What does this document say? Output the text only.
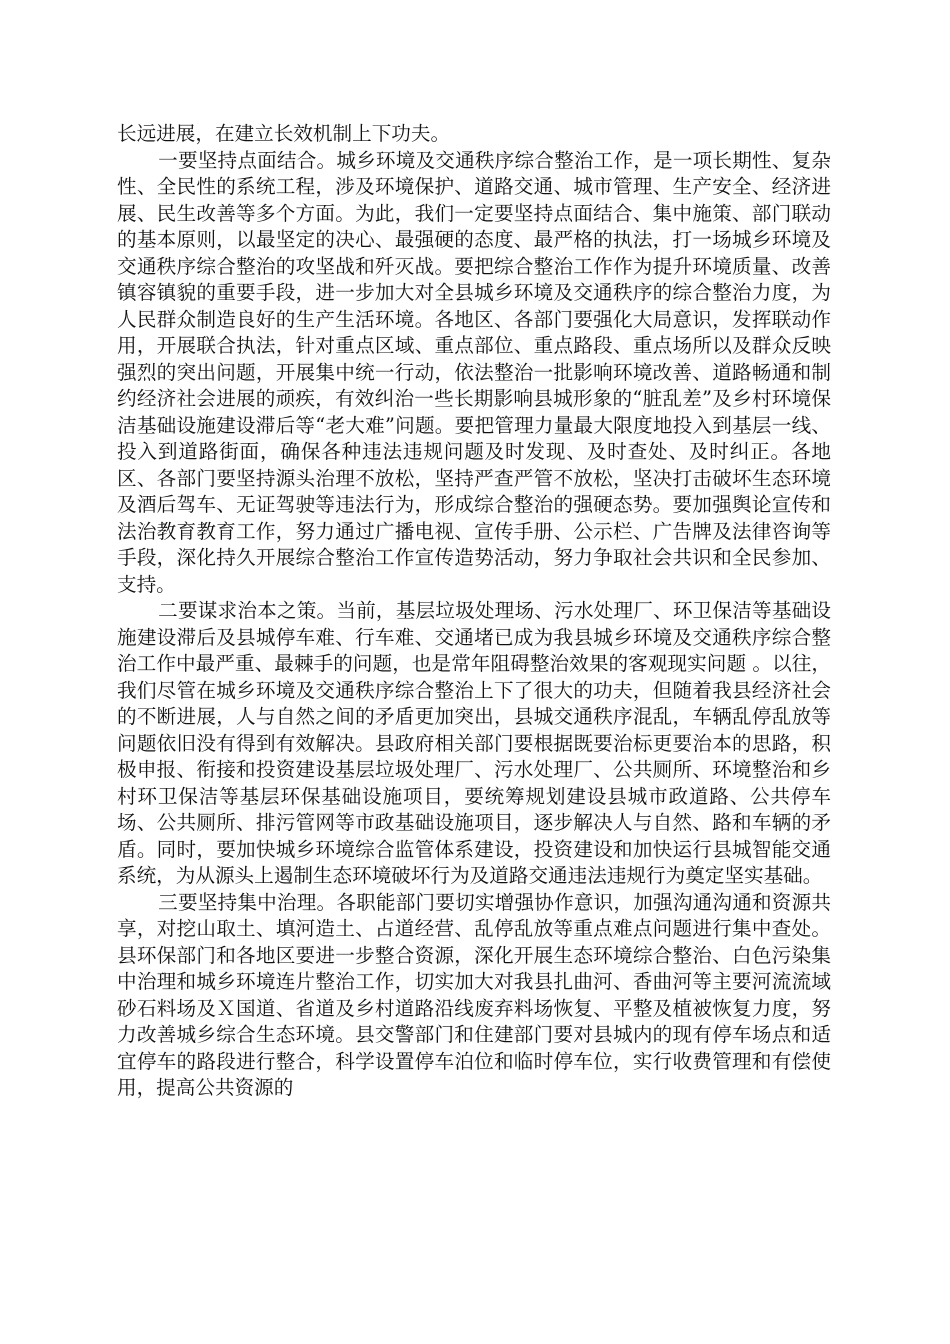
长远进展，在建立长效机制上下功夫。

一要坚持点面结合。城乡环境及交通秩序综合整治工作，是一项长期性、复杂性、全民性的系统工程，涉及环境保护、道路交通、城市管理、生产安全、经济进展、民生改善等多个方面。为此，我们一定要坚持点面结合、集中施策、部门联动的基本原则，以最坚定的决心、最强硬的态度、最严格的执法，打一场城乡环境及交通秩序综合整治的攻坚战和歼灭战。要把综合整治工作作为提升环境质量、改善镇容镇貌的重要手段，进一步加大对全县城乡环境及交通秩序的综合整治力度，为人民群众制造良好的生产生活环境。各地区、各部门要强化大局意识，发挥联动作用，开展联合执法，针对重点区域、重点部位、重点路段、重点场所以及群众反映强烈的突出问题，开展集中统一行动，依法整治一批影响环境改善、道路畅通和制约经济社会进展的顽疾，有效纠治一些长期影响县城形象的“脏乱差”及乡村环境保洁基础设施建设滞后等“老大难”问题。要把管理力量最大限度地投入到基层一线、投入到道路街面，确保各种违法违规问题及时发现、及时查处、及时纠正。各地区、各部门要坚持源头治理不放松，坚持严查严管不放松，坚决打击破坏生态环境及酒后驾车、无证驾驶等违法行为，形成综合整治的强硬态势。要加强舆论宣传和法治教育教育工作，努力通过广播电视、宣传手册、公示栏、广告牌及法律咨询等手段，深化持久开展综合整治工作宣传造势活动，努力争取社会共识和全民参加、支持。

二要谋求治本之策。当前，基层垃圾处理场、污水处理厂、环卫保洁等基础设施建设滞后及县城停车难、行车难、交通堵已成为我县城乡环境及交通秩序综合整治工作中最严重、最棘手的问题，也是常年阻碍整治效果的客观现实问题 。以往，我们尽管在城乡环境及交通秩序综合整治上下了很大的功夫，但随着我县经济社会的不断进展，人与自然之间的矛盾更加突出，县城交通秩序混乱，车辆乱停乱放等问题依旧没有得到有效解决。县政府相关部门要根据既要治标更要治本的思路，积极申报、衔接和投资建设基层垃圾处理厂、污水处理厂、公共厕所、环境整治和乡村环卫保洁等基层环保基础设施项目，要统筹规划建设县城市政道路、公共停车场、公共厕所、排污管网等市政基础设施项目，逐步解决人与自然、路和车辆的矛盾。同时，要加快城乡环境综合监管体系建设，投资建设和加快运行县城智能交通系统，为从源头上遏制生态环境破坏行为及道路交通违法违规行为奠定坚实基础。

三要坚持集中治理。各职能部门要切实增强协作意识，加强沟通沟通和资源共享，对挖山取土、填河造土、占道经营、乱停乱放等重点难点问题进行集中查处。县环保部门和各地区要进一步整合资源，深化开展生态环境综合整治、白色污染集中治理和城乡环境连片整治工作，切实加大对我县扎曲河、香曲河等主要河流流域砂石料场及Ｘ国道、省道及乡村道路沿线废弃料场恢复、平整及植被恢复力度，努力改善城乡综合生态环境。县交警部门和住建部门要对县城内的现有停车场点和适宜停车的路段进行整合，科学设置停车泊位和临时停车位，实行收费管理和有偿使用，提高公共资源的
